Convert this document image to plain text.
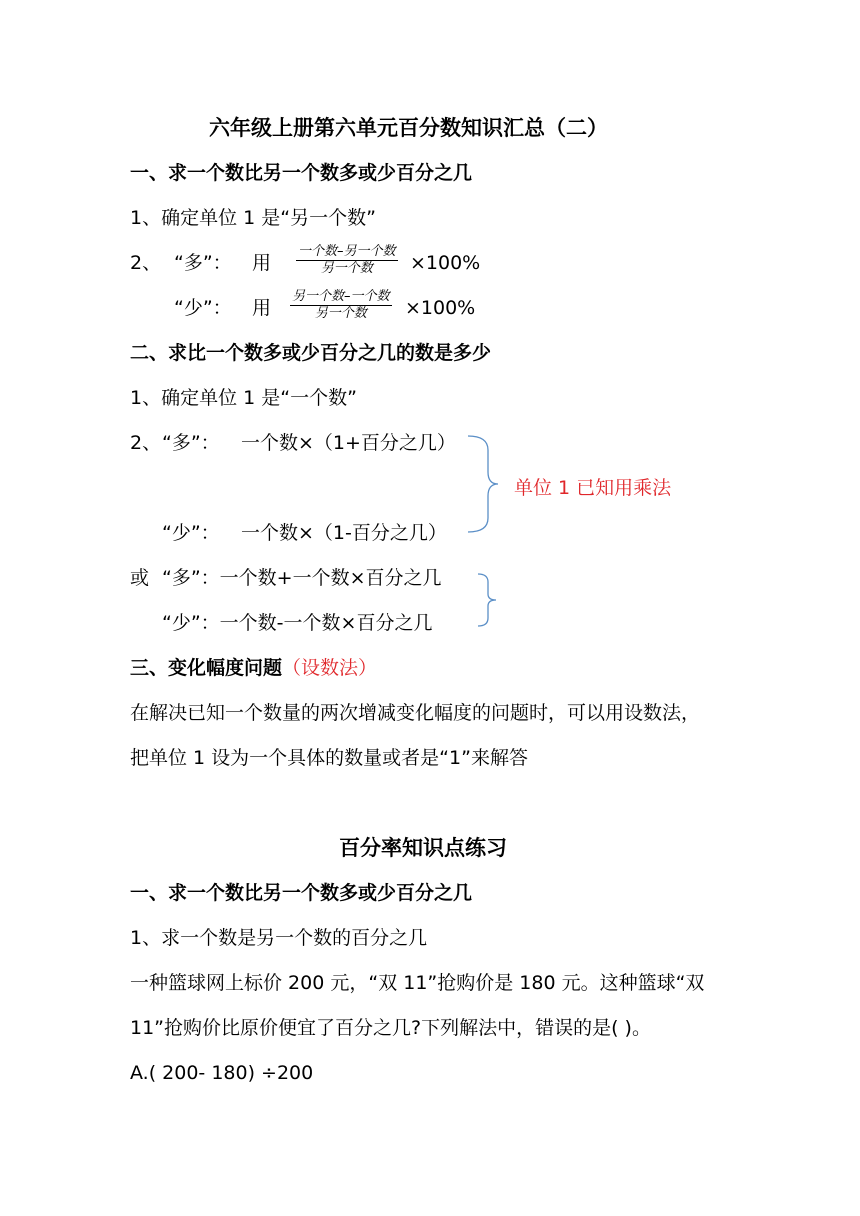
六年级上册第六单元百分数知识汇总（二）
一、求一个数比另一个数多或少百分之几
1、确定单位 1 是“另一个数”
2、 “多”： 用
一个数–另一个数
另一个数	×100%
“少”： 用
另一个数–一个数
另一个数	×100%
二、求比一个数多或少百分之几的数是多少
1、确定单位 1 是“一个数”
2、 “多”： 一个数×（1+百分之几）
单位 1 已知用乘法
“少”： 一个数×（1-百分之几）
或 “多”：一个数+一个数×百分之几
“少”：一个数-一个数×百分之几
三、变化幅度问题（设数法）
在解决已知一个数量的两次增减变化幅度的问题时，可以用设数法，
把单位 1 设为一个具体的数量或者是“1”来解答
百分率知识点练习
一、求一个数比另一个数多或少百分之几
1、求一个数是另一个数的百分之几
一种篮球网上标价 200 元，“双 11”抢购价是 180 元。这种篮球“双
11”抢购价比原价便宜了百分之几?下列解法中，错误的是( )。
A.( 200- 180) ÷200
